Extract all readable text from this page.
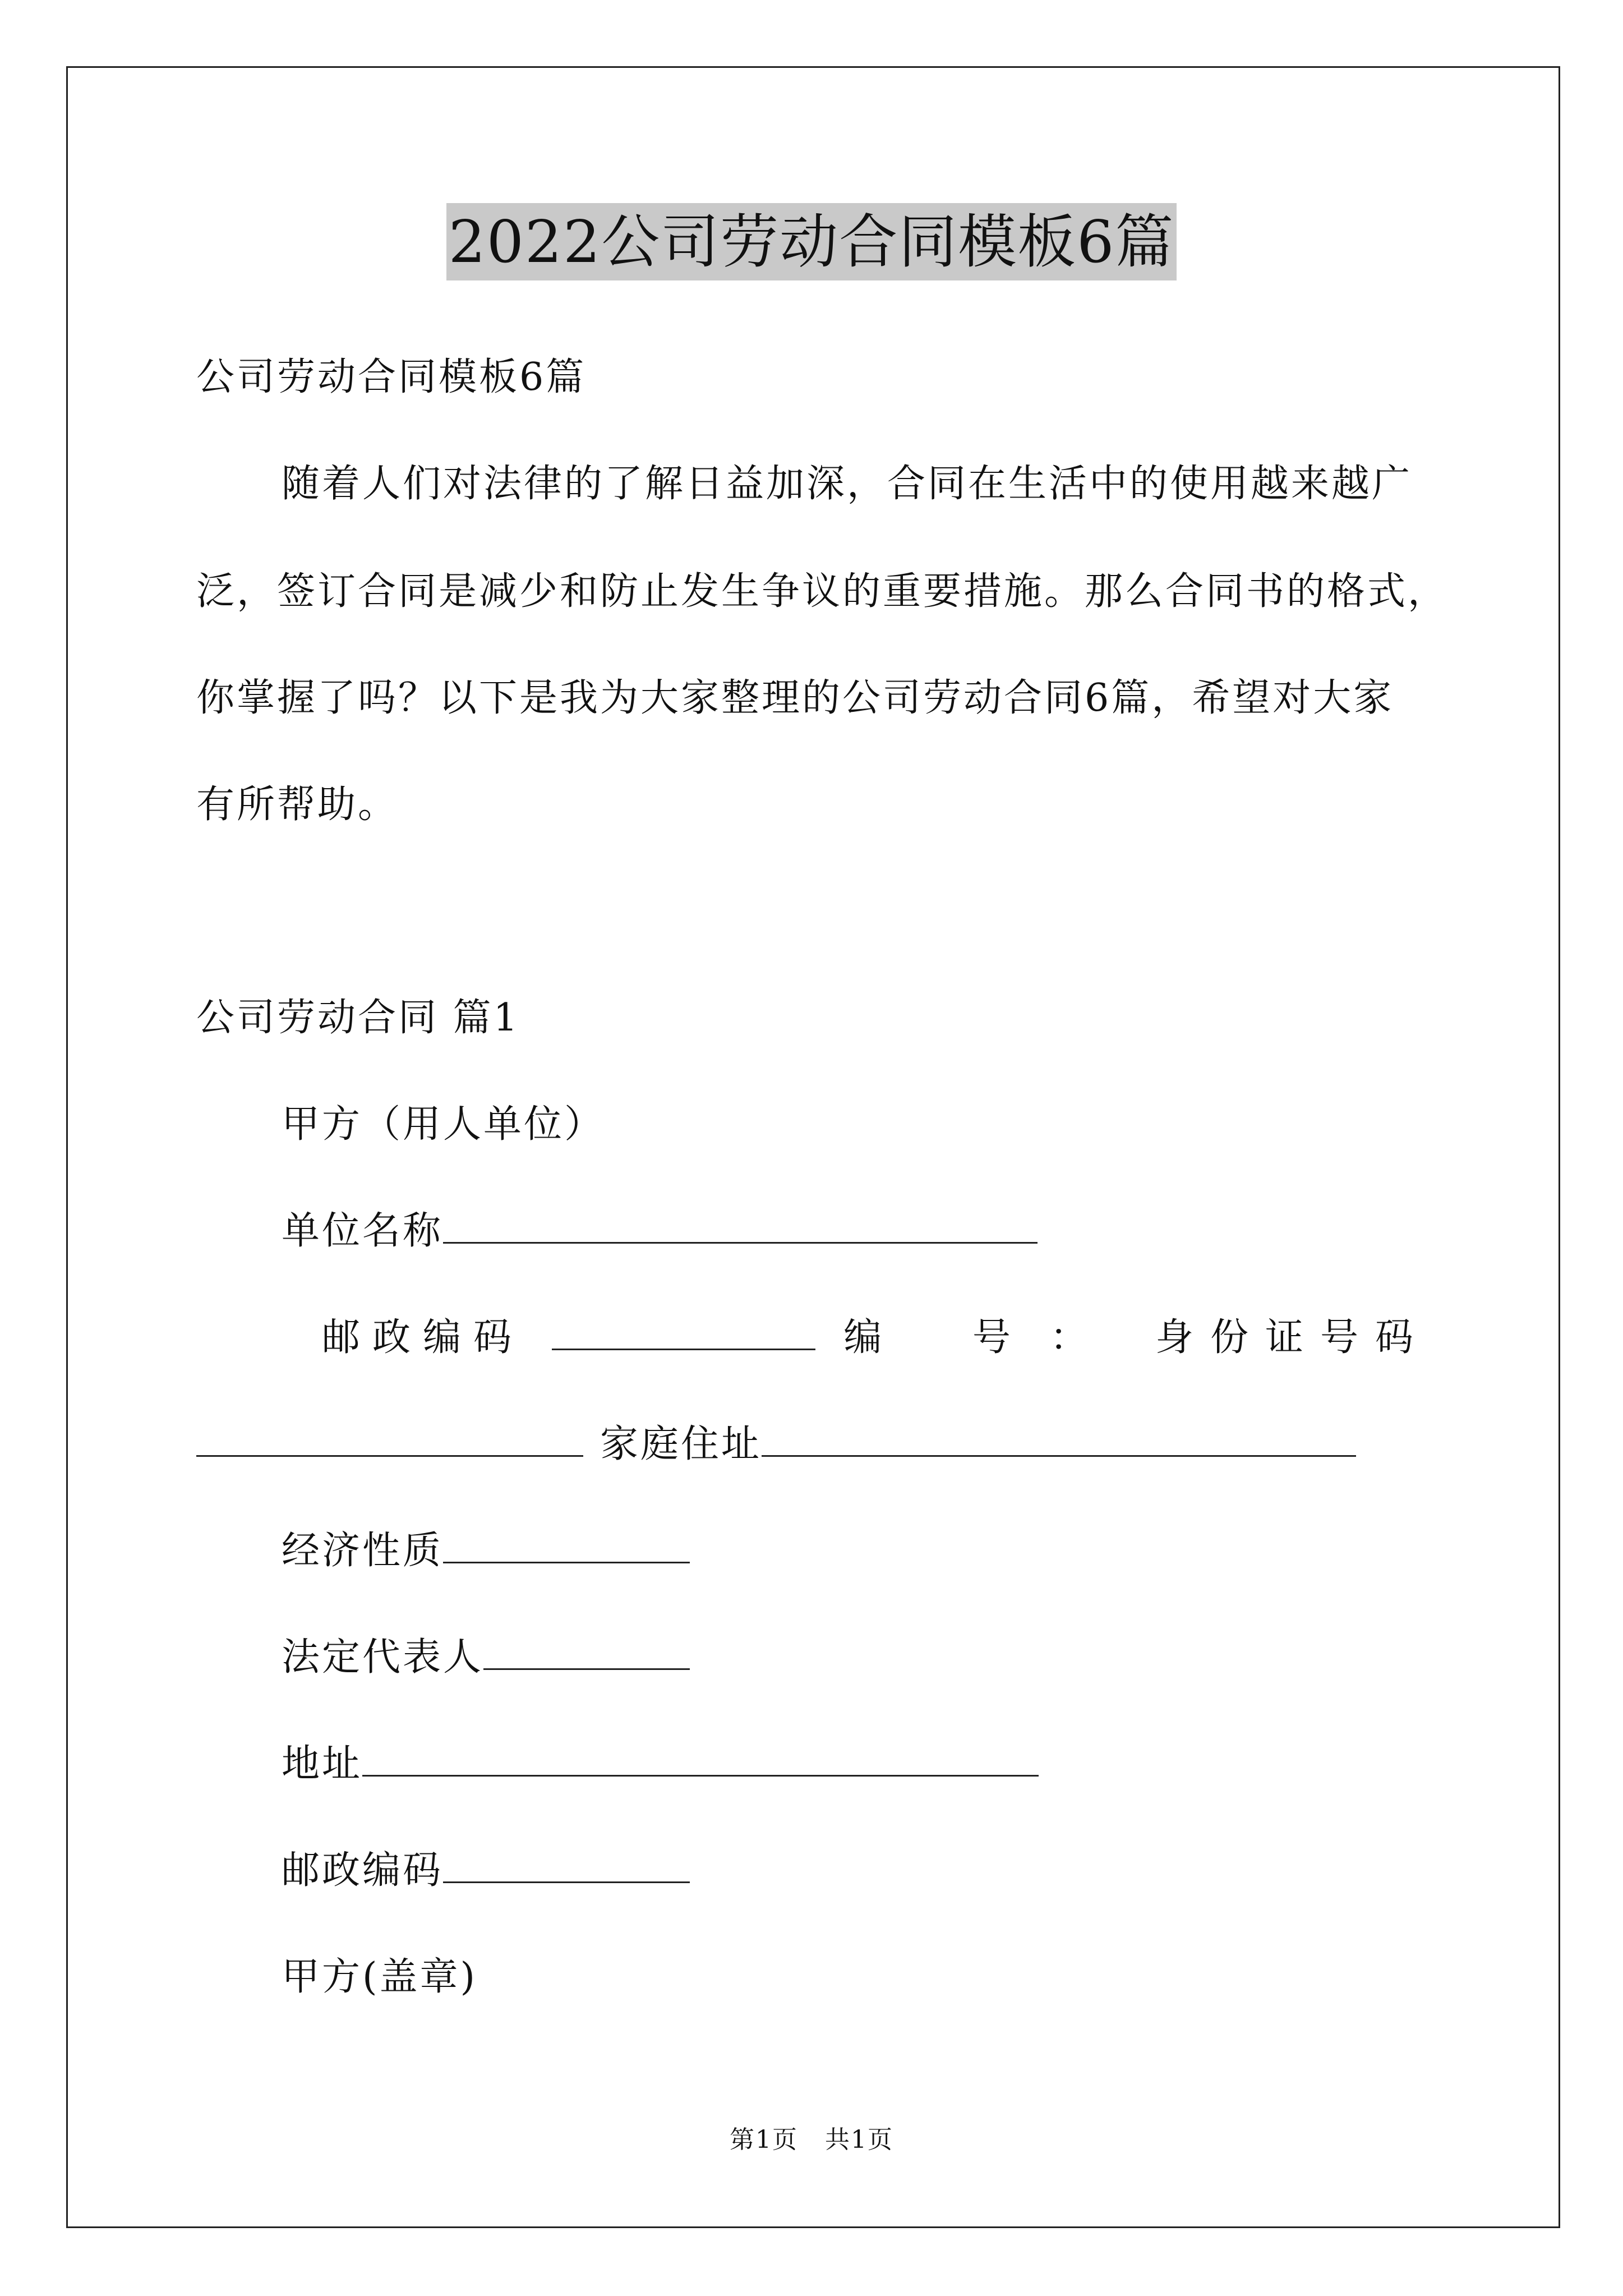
2022公司劳动合同模板6篇
公司劳动合同模板6篇
随着人们对法律的了解日益加深，合同在生活中的使用越来越广
泛，签订合同是减少和防止发生争议的重要措施。那么合同书的格式，
你掌握了吗？以下是我为大家整理的公司劳动合同6篇，希望对大家
有所帮助。
公司劳动合同 篇1
甲方（用人单位）
单位名称
邮政编码	编 号： 身份证号码
家庭住址
经济性质
法定代表人
地址
邮政编码
甲方(盖章)
第1页   共1页
